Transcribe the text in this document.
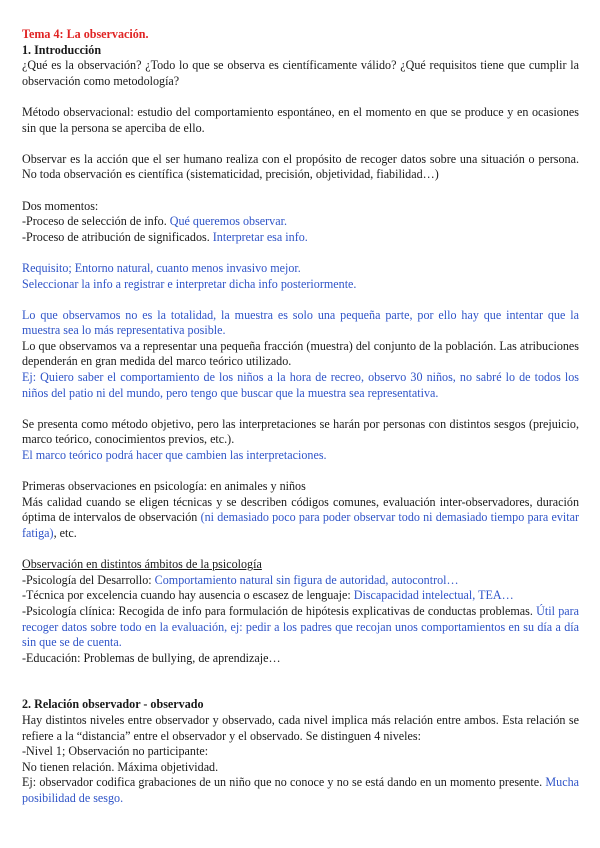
Tema 4: La observación.

1. Introducción

¿Qué es la observación? ¿Todo lo que se observa es científicamente válido? ¿Qué requisitos tiene que cumplir la observación como metodología?

Método observacional: estudio del comportamiento espontáneo, en el momento en que se produce y en ocasiones sin que la persona se aperciba de ello.

Observar es la acción que el ser humano realiza con el propósito de recoger datos sobre una situación o persona. No toda observación es científica (sistematicidad, precisión, objetividad, fiabilidad…)

Dos momentos:

-Proceso de selección de info. Qué queremos observar.

-Proceso de atribución de significados. Interpretar esa info.

Requisito; Entorno natural, cuanto menos invasivo mejor.

Seleccionar la info a registrar e interpretar dicha info posteriormente.

Lo que observamos no es la totalidad, la muestra es solo una pequeña parte, por ello hay que intentar que la muestra sea lo más representativa posible.

Lo que observamos va a representar una pequeña fracción (muestra) del conjunto de la población. Las atribuciones dependerán en gran medida del marco teórico utilizado.

Ej: Quiero saber el comportamiento de los niños a la hora de recreo, observo 30 niños, no sabré lo de todos los niños del patio ni del mundo, pero tengo que buscar que la muestra sea representativa.

Se presenta como método objetivo, pero las interpretaciones se harán por personas con distintos sesgos (prejuicio, marco teórico, conocimientos previos, etc.).

El marco teórico podrá hacer que cambien las interpretaciones.

Primeras observaciones en psicología: en animales y niños

Más calidad cuando se eligen técnicas y se describen códigos comunes, evaluación inter-observadores, duración óptima de intervalos de observación (ni demasiado poco para poder observar todo ni demasiado tiempo para evitar fatiga), etc.

Observación en distintos ámbitos de la psicología

-Psicología del Desarrollo: Comportamiento natural sin figura de autoridad, autocontrol…

-Técnica por excelencia cuando hay ausencia o escasez de lenguaje: Discapacidad intelectual, TEA…

-Psicología clínica: Recogida de info para formulación de hipótesis explicativas de conductas problemas. Útil para recoger datos sobre todo en la evaluación, ej: pedir a los padres que recojan unos comportamientos en su día a día sin que se de cuenta.

-Educación: Problemas de bullying, de aprendizaje…

2. Relación observador - observado

Hay distintos niveles entre observador y observado, cada nivel implica más relación entre ambos. Esta relación se refiere a la “distancia” entre el observador y el observado. Se distinguen 4 niveles:

-Nivel 1; Observación no participante:

No tienen relación. Máxima objetividad.

Ej: observador codifica grabaciones de un niño que no conoce y no se está dando en un momento presente. Mucha posibilidad de sesgo.
